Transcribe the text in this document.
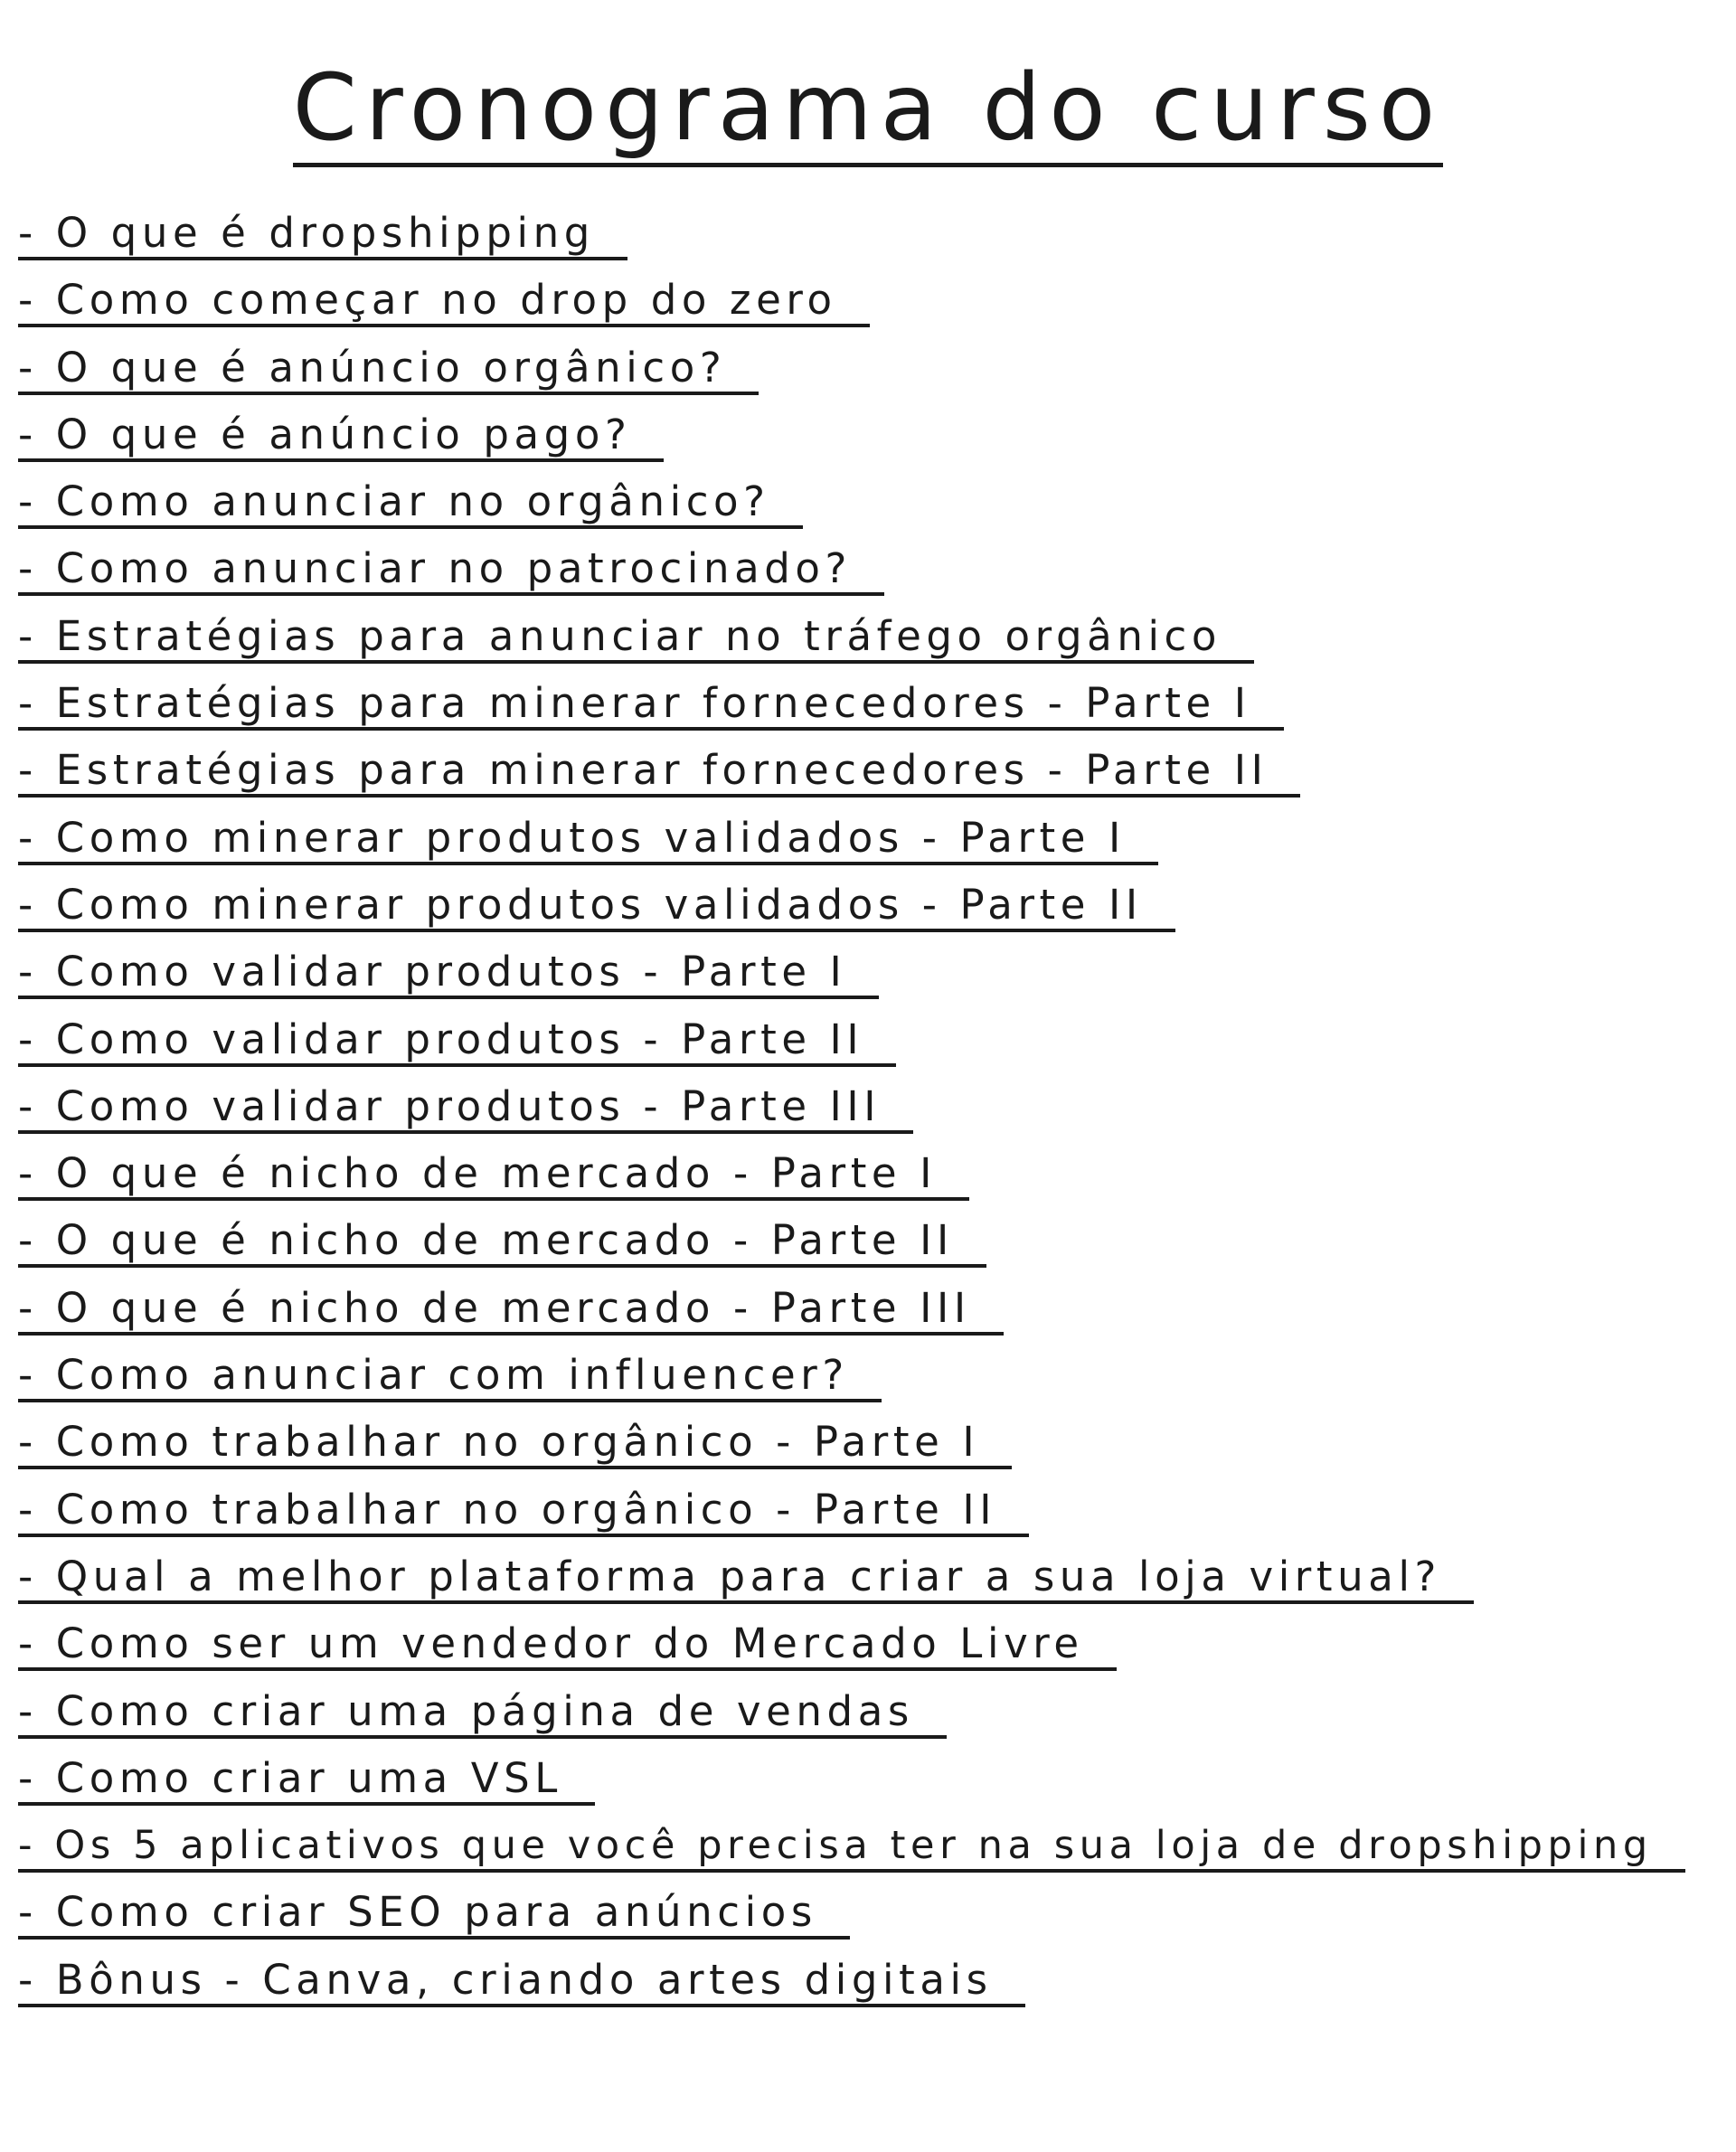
Cronograma do curso
- O que é dropshipping
- Como começar no drop do zero
- O que é anúncio orgânico?
- O que é anúncio pago?
- Como anunciar no orgânico?
- Como anunciar no patrocinado?
- Estratégias para anunciar no tráfego orgânico
- Estratégias para minerar fornecedores - Parte I
- Estratégias para minerar fornecedores - Parte II
- Como minerar produtos validados - Parte I
- Como minerar produtos validados - Parte II
- Como validar produtos - Parte I
- Como validar produtos - Parte II
- Como validar produtos - Parte III
- O que é nicho de mercado - Parte I
- O que é nicho de mercado - Parte II
- O que é nicho de mercado - Parte III
- Como anunciar com influencer?
- Como trabalhar no orgânico - Parte I
- Como trabalhar no orgânico - Parte II
- Qual a melhor plataforma para criar a sua loja virtual?
- Como ser um vendedor do Mercado Livre
- Como criar uma página de vendas
- Como criar uma VSL
- Os 5 aplicativos que você precisa ter na sua loja de dropshipping
- Como criar SEO para anúncios
- Bônus - Canva, criando artes digitais
